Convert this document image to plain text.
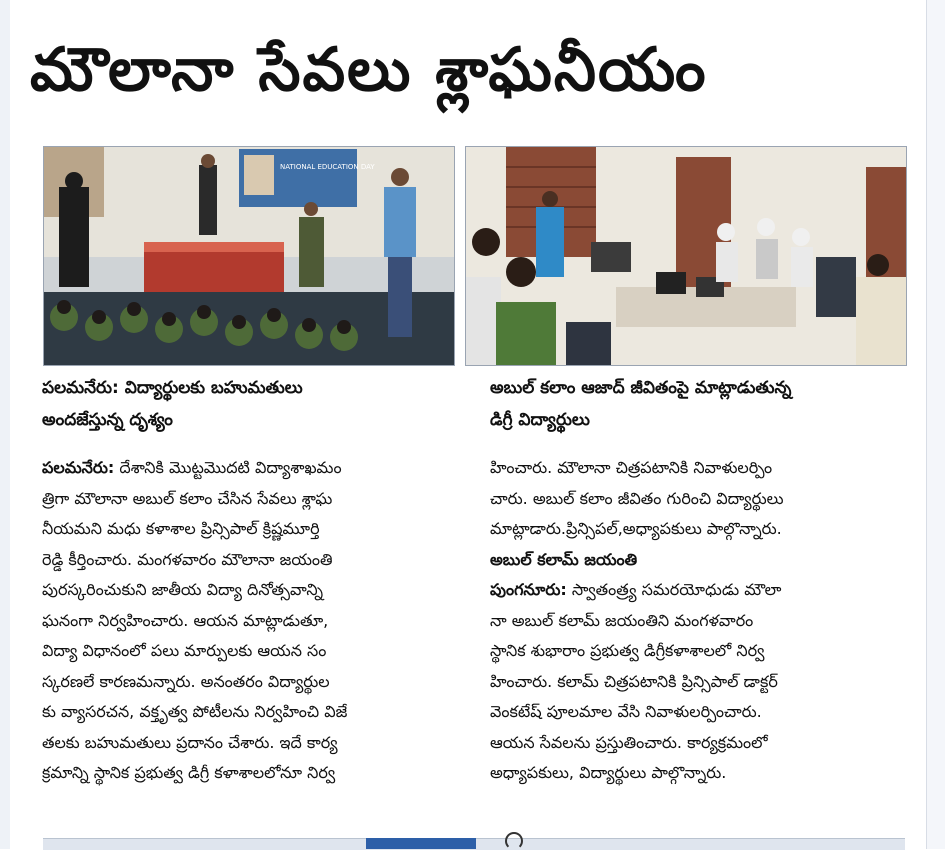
మౌలానా సేవలు శ్లాఘనీయం
NATIONAL EDUCATION DAY
పలమనేరు: విద్యార్థులకు బహుమతులు
అందజేస్తున్న దృశ్యం
అబుల్ కలాం ఆజాద్ జీవితంపై మాట్లాడుతున్న
డిగ్రీ విద్యార్థులు
పలమనేరు: దేశానికి మొట్టమొదటి విద్యాశాఖమం
త్రిగా మౌలానా అబుల్ కలాం చేసిన సేవలు శ్లాఘ
నీయమని మధు కళాశాల ప్రిన్సిపాల్ క్రిష్ణమూర్తి
రెడ్డి కీర్తించారు. మంగళవారం మౌలానా జయంతి
పురస్కరించుకుని జాతీయ విద్యా దినోత్సవాన్ని
ఘనంగా నిర్వహించారు. ఆయన మాట్లాడుతూ,
విద్యా విధానంలో పలు మార్పులకు ఆయన సం
స్కరణలే కారణమన్నారు. అనంతరం విద్యార్థుల
కు వ్యాసరచన, వక్తృత్వ పోటీలను నిర్వహించి విజే
తలకు బహుమతులు ప్రదానం చేశారు. ఇదే కార్య
క్రమాన్ని స్థానిక ప్రభుత్వ డిగ్రీ కళాశాలలోనూ నిర్వ
హించారు. మౌలానా చిత్రపటానికి నివాళులర్పిం
చారు. అబుల్ కలాం జీవితం గురించి విద్యార్థులు
మాట్లాడారు.ప్రిన్సిపల్,అధ్యాపకులు పాల్గొన్నారు.
అబుల్ కలామ్ జయంతి
పుంగనూరు: స్వాతంత్ర్య సమరయోధుడు మౌలా
నా అబుల్ కలామ్ జయంతిని మంగళవారం
స్థానిక శుభారాం ప్రభుత్వ డిగ్రీకళాశాలలో నిర్వ
హించారు. కలామ్ చిత్రపటానికి ప్రిన్సిపాల్ డాక్టర్
వెంకటేష్ పూలమాల వేసి నివాళులర్పించారు.
ఆయన సేవలను ప్రస్తుతించారు. కార్యక్రమంలో
అధ్యాపకులు, విద్యార్థులు పాల్గొన్నారు.
